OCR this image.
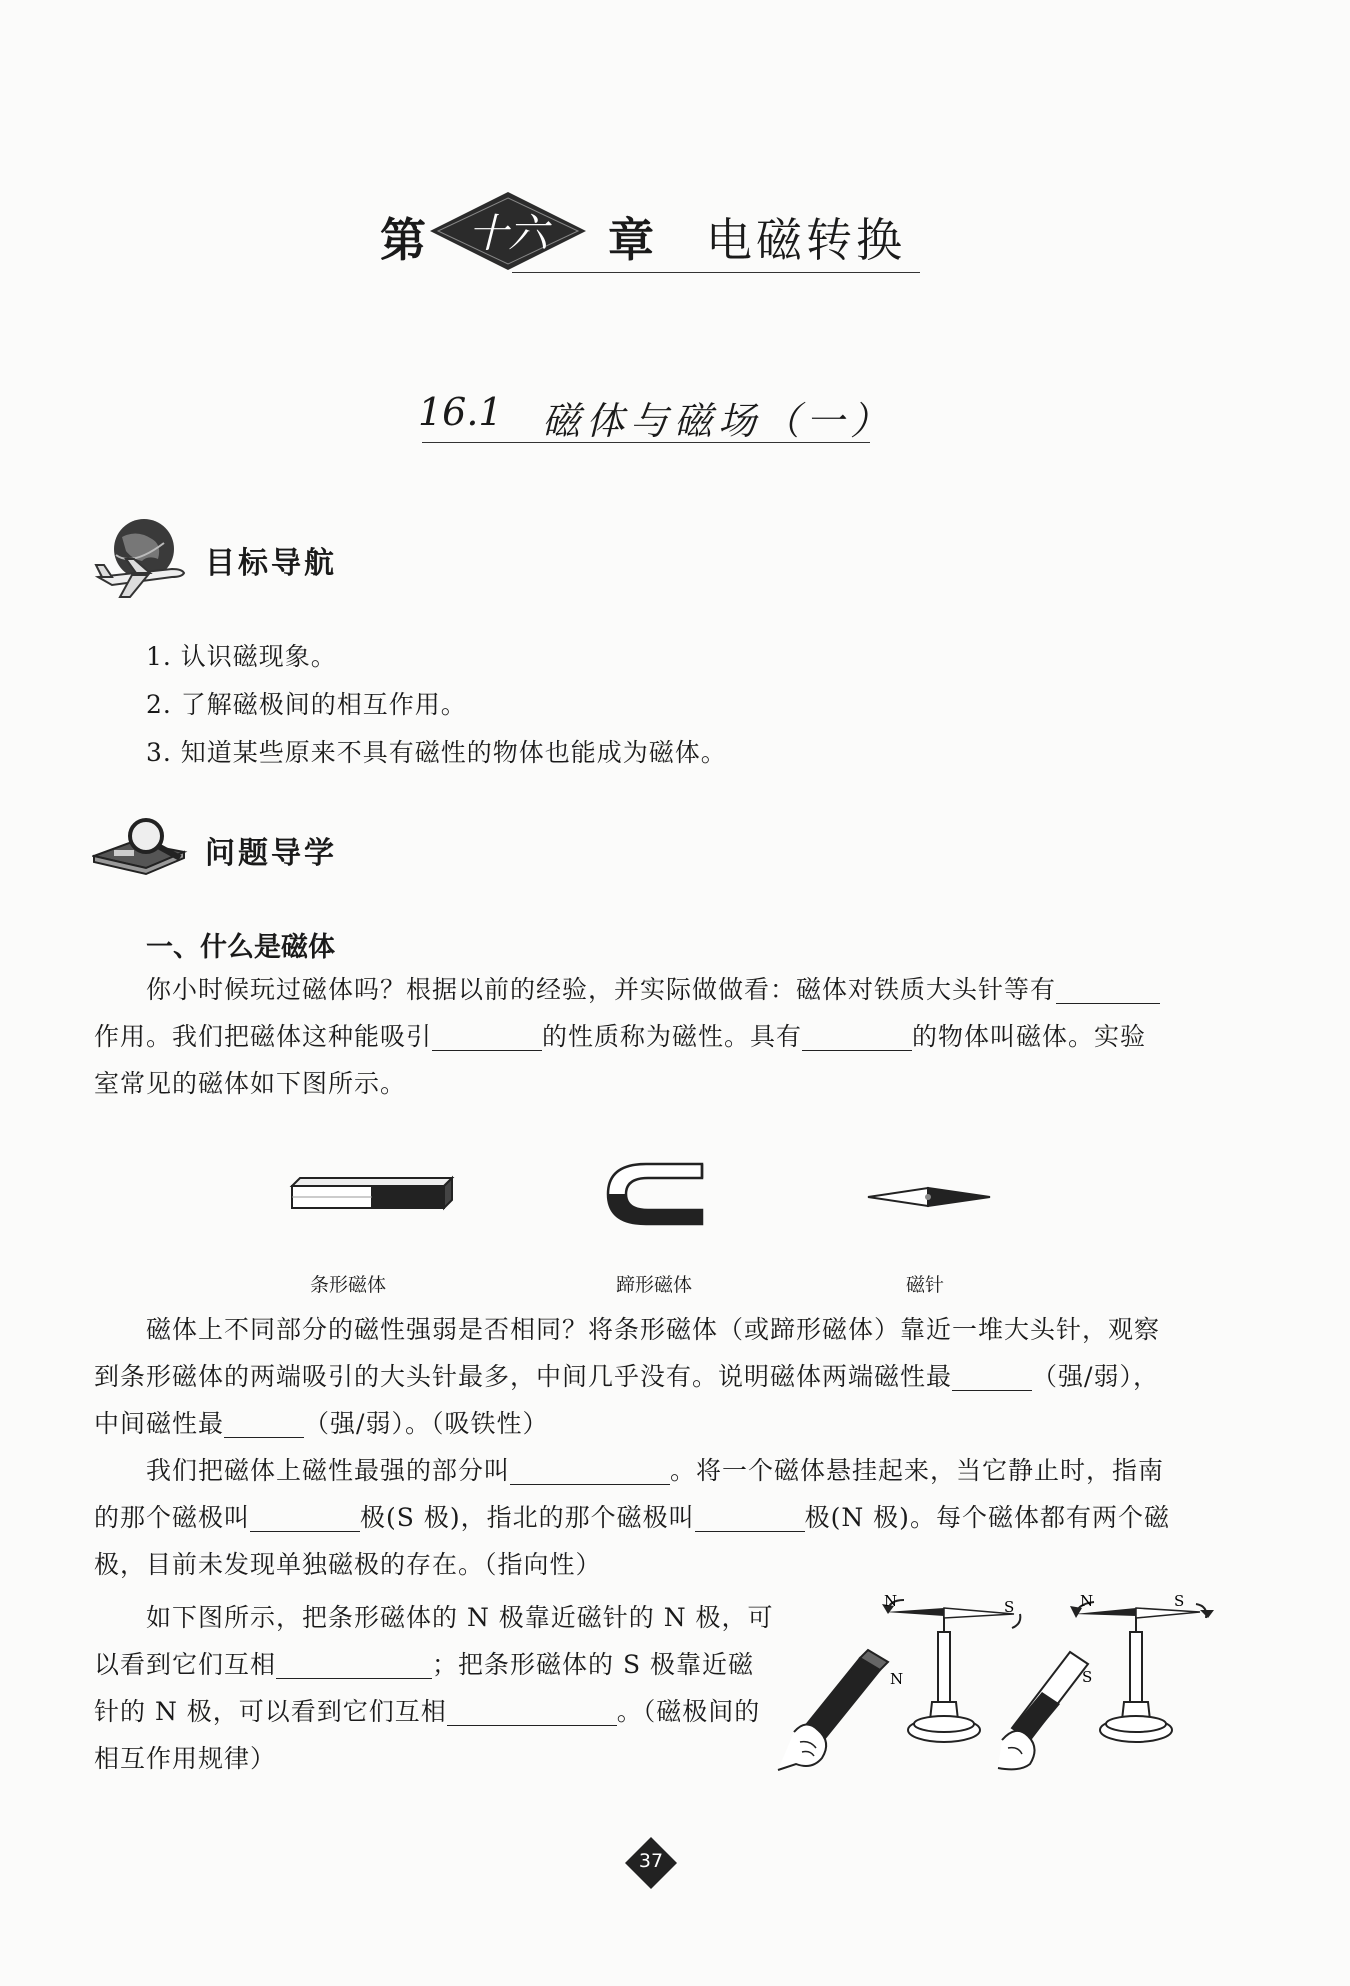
第	十六	章 电磁转换
16.1 磁体与磁场（一）
目标导航
1. 认识磁现象。
2. 了解磁极间的相互作用。
3. 知道某些原来不具有磁性的物体也能成为磁体。
问题导学
一、什么是磁体
你小时候玩过磁体吗？根据以前的经验，并实际做做看：磁体对铁质大头针等有
作用。我们把磁体这种能吸引	的性质称为磁性。具有	的物体叫磁体。实验
室常见的磁体如下图所示。
条形磁体	蹄形磁体	磁针
磁体上不同部分的磁性强弱是否相同？将条形磁体（或蹄形磁体）靠近一堆大头针，观察
到条形磁体的两端吸引的大头针最多，中间几乎没有。说明磁体两端磁性最	（强/弱），
中间磁性最	（强/弱）。（吸铁性）
我们把磁体上磁性最强的部分叫	。将一个磁体悬挂起来，当它静止时，指南
的那个磁极叫	极(S 极)，指北的那个磁极叫	极(N 极)。每个磁体都有两个磁
极，目前未发现单独磁极的存在。（指向性）
如下图所示，把条形磁体的 N 极靠近磁针的 N 极，可
以看到它们互相	；把条形磁体的 S 极靠近磁
针的 N 极，可以看到它们互相	。（磁极间的
相互作用规律）
N	S
N
N	S
S
37
